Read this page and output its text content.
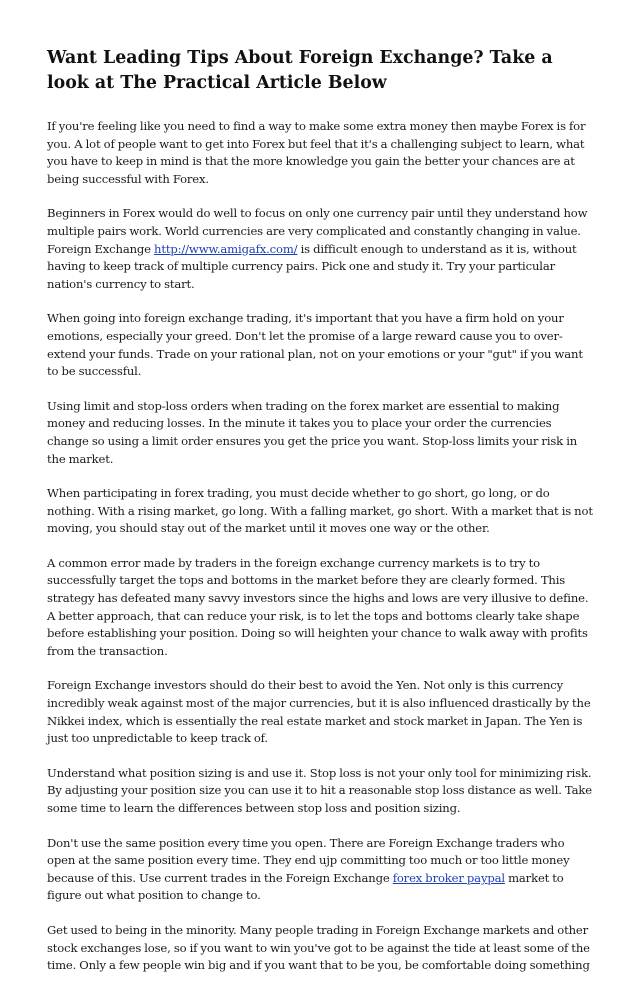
Want Leading Tips About Foreign Exchange? Take a look at The Practical Article Below

If you're feeling like you need to find a way to make some extra money then maybe Forex is for you. A lot of people want to get into Forex but feel that it's a challenging subject to learn, what you have to keep in mind is that the more knowledge you gain the better your chances are at being successful with Forex.

Beginners in Forex would do well to focus on only one currency pair until they understand how multiple pairs work. World currencies are very complicated and constantly changing in value. Foreign Exchange http://www.amigafx.com/ is difficult enough to understand as it is, without having to keep track of multiple currency pairs. Pick one and study it. Try your particular nation's currency to start.

When going into foreign exchange trading, it's important that you have a firm hold on your emotions, especially your greed. Don't let the promise of a large reward cause you to over-extend your funds. Trade on your rational plan, not on your emotions or your "gut" if you want to be successful.

Using limit and stop-loss orders when trading on the forex market are essential to making money and reducing losses. In the minute it takes you to place your order the currencies change so using a limit order ensures you get the price you want. Stop-loss limits your risk in the market.

When participating in forex trading, you must decide whether to go short, go long, or do nothing. With a rising market, go long. With a falling market, go short. With a market that is not moving, you should stay out of the market until it moves one way or the other.

A common error made by traders in the foreign exchange currency markets is to try to successfully target the tops and bottoms in the market before they are clearly formed. This strategy has defeated many savvy investors since the highs and lows are very illusive to define. A better approach, that can reduce your risk, is to let the tops and bottoms clearly take shape before establishing your position. Doing so will heighten your chance to walk away with profits from the transaction.

Foreign Exchange investors should do their best to avoid the Yen. Not only is this currency incredibly weak against most of the major currencies, but it is also influenced drastically by the Nikkei index, which is essentially the real estate market and stock market in Japan. The Yen is just too unpredictable to keep track of.

Understand what position sizing is and use it. Stop loss is not your only tool for minimizing risk. By adjusting your position size you can use it to hit a reasonable stop loss distance as well. Take some time to learn the differences between stop loss and position sizing.

Don't use the same position every time you open. There are Foreign Exchange traders who open at the same position every time. They end ujp committing too much or too little money because of this. Use current trades in the Foreign Exchange forex broker paypal market to figure out what position to change to.

Get used to being in the minority. Many people trading in Foreign Exchange markets and other stock exchanges lose, so if you want to win you've got to be against the tide at least some of the time. Only a few people win big and if you want that to be you, be comfortable doing something
